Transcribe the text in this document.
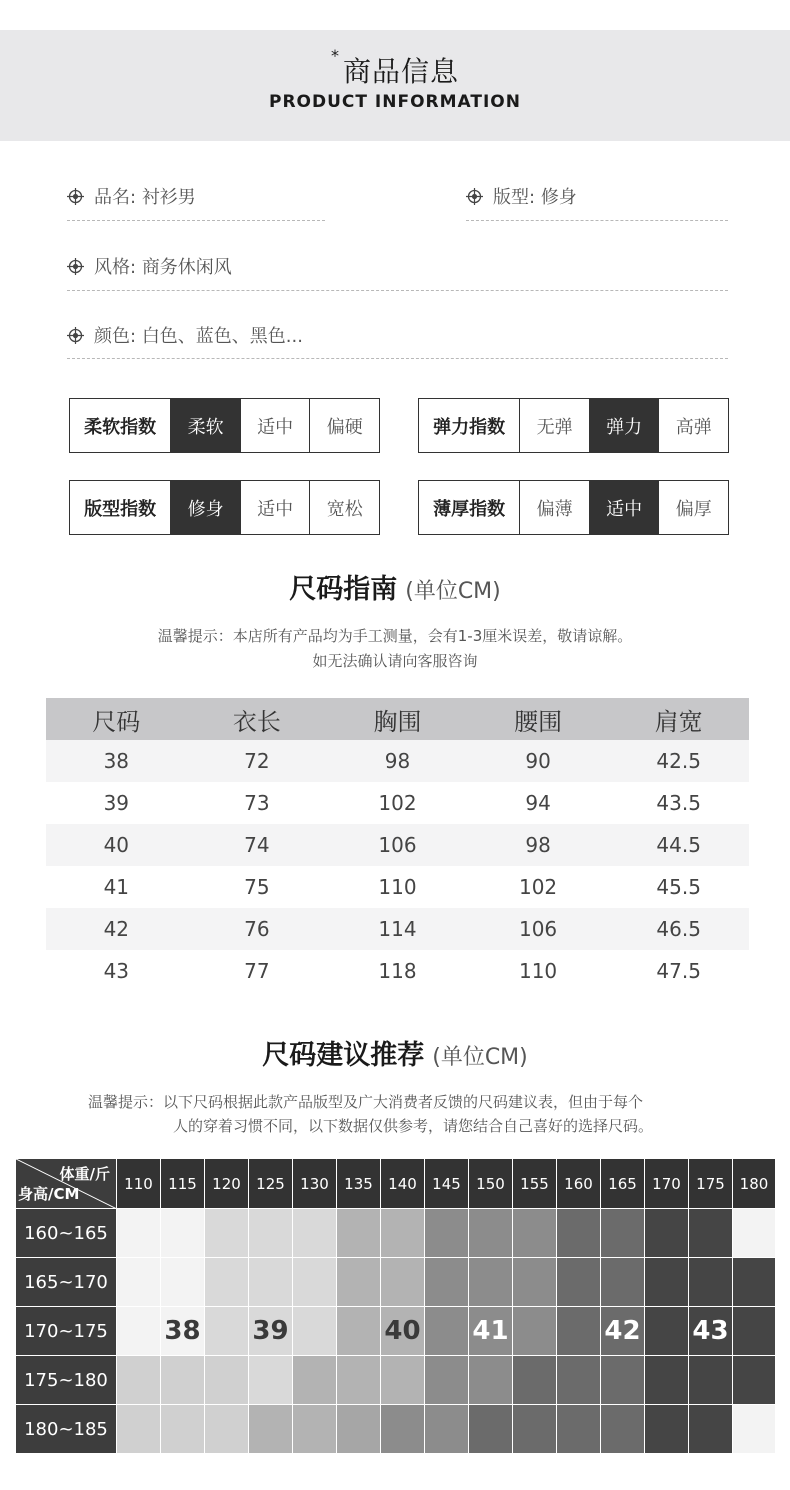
* 商品信息
PRODUCT INFORMATION
品名:
衬衫男	版型:
修身
风格:
商务休闲风
颜色:
白色、蓝色、黑色...
柔软指数	柔软	适中	偏硬	弹力指数	无弹	弹力	高弹
版型指数	修身	适中	宽松	薄厚指数	偏薄	适中	偏厚
尺码指南 (单位CM)
温馨提示：本店所有产品均为手工测量，会有1-3厘米误差，敬请谅解。
如无法确认请向客服咨询
尺码	衣长	胸围	腰围	肩宽
38	72	98	90	42.5
39	73	102	94	43.5
40	74	106	98	44.5
41	75	110	102	45.5
42	76	114	106	46.5
43	77	118	110	47.5
尺码建议推荐 (单位CM)
温馨提示：以下尺码根据此款产品版型及广大消费者反馈的尺码建议表，但由于每个
人的穿着习惯不同，以下数据仅供参考，请您结合自己喜好的选择尺码。
体重/斤
身高/CM	110	115	120	125	130	135	140	145	150	155	160	165	170	175	180
160~165															
165~170															
170~175		38		39			40		41			42		43	
175~180															
180~185															
